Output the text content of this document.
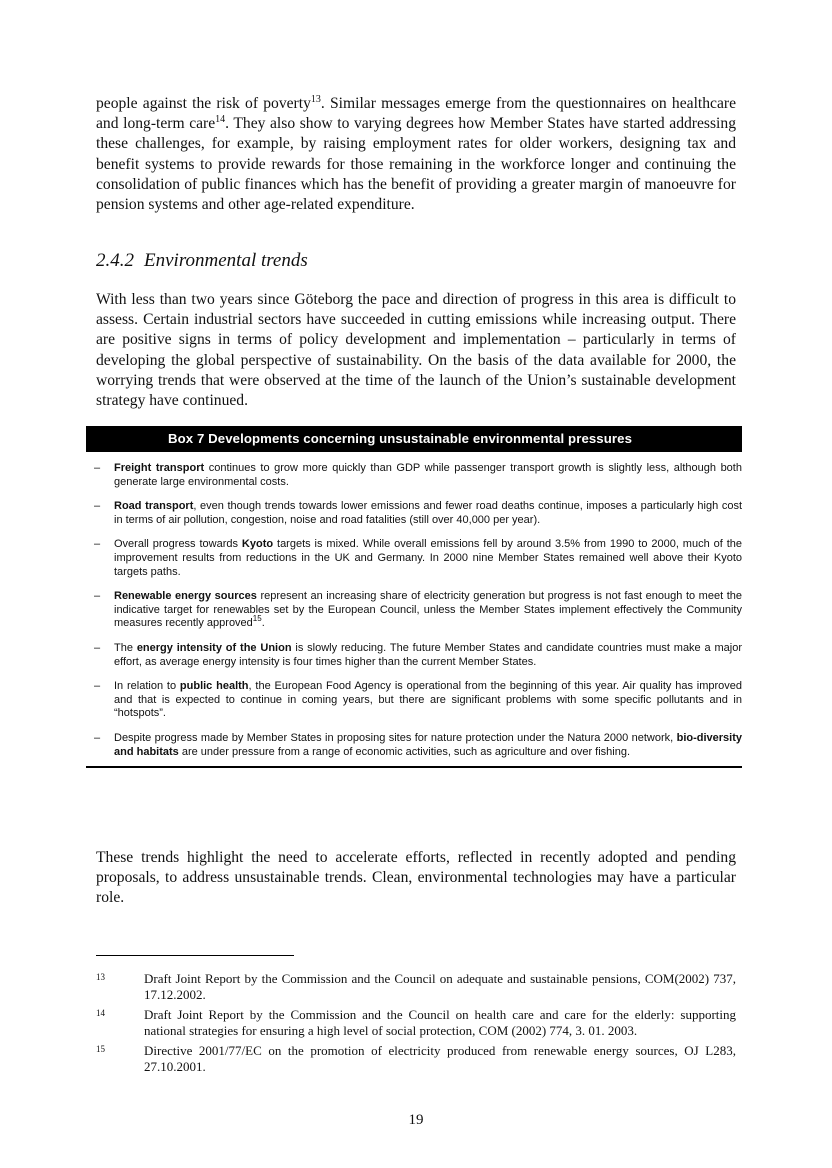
people against the risk of poverty$^{13}$. Similar messages emerge from the questionnaires on healthcare and long-term care$^{14}$. They also show to varying degrees how Member States have started addressing these challenges, for example, by raising employment rates for older workers, designing tax and benefit systems to provide rewards for those remaining in the workforce longer and continuing the consolidation of public finances which has the benefit of providing a greater margin of manoeuvre for pension systems and other age-related expenditure.

2.4.2 Environmental trends

With less than two years since Göteborg the pace and direction of progress in this area is difficult to assess. Certain industrial sectors have succeeded in cutting emissions while increasing output. There are positive signs in terms of policy development and implementation – particularly in terms of developing the global perspective of sustainability. On the basis of the data available for 2000, the worrying trends that were observed at the time of the launch of the Union’s sustainable development strategy have continued.

Box 7 Developments concerning unsustainable environmental pressures
– Freight transport continues to grow more quickly than GDP while passenger transport growth is slightly less, although both generate large environmental costs.
– Road transport, even though trends towards lower emissions and fewer road deaths continue, imposes a particularly high cost in terms of air pollution, congestion, noise and road fatalities (still over 40,000 per year).
– Overall progress towards Kyoto targets is mixed. While overall emissions fell by around 3.5% from 1990 to 2000, much of the improvement results from reductions in the UK and Germany. In 2000 nine Member States remained well above their Kyoto targets paths.
– Renewable energy sources represent an increasing share of electricity generation but progress is not fast enough to meet the indicative target for renewables set by the European Council, unless the Member States implement effectively the Community measures recently approved$^{15}$.
– The energy intensity of the Union is slowly reducing. The future Member States and candidate countries must make a major effort, as average energy intensity is four times higher than the current Member States.
– In relation to public health, the European Food Agency is operational from the beginning of this year. Air quality has improved and that is expected to continue in coming years, but there are significant problems with some specific pollutants and in “hotspots”.
– Despite progress made by Member States in proposing sites for nature protection under the Natura 2000 network, bio-diversity and habitats are under pressure from a range of economic activities, such as agriculture and over fishing.

These trends highlight the need to accelerate efforts, reflected in recently adopted and pending proposals, to address unsustainable trends. Clean, environmental technologies may have a particular role.

13	Draft Joint Report by the Commission and the Council on adequate and sustainable pensions, COM(2002) 737, 17.12.2002.
14	Draft Joint Report by the Commission and the Council on health care and care for the elderly: supporting national strategies for ensuring a high level of social protection, COM (2002) 774, 3. 01. 2003.
15	Directive 2001/77/EC on the promotion of electricity produced from renewable energy sources, OJ L283, 27.10.2001.
19
